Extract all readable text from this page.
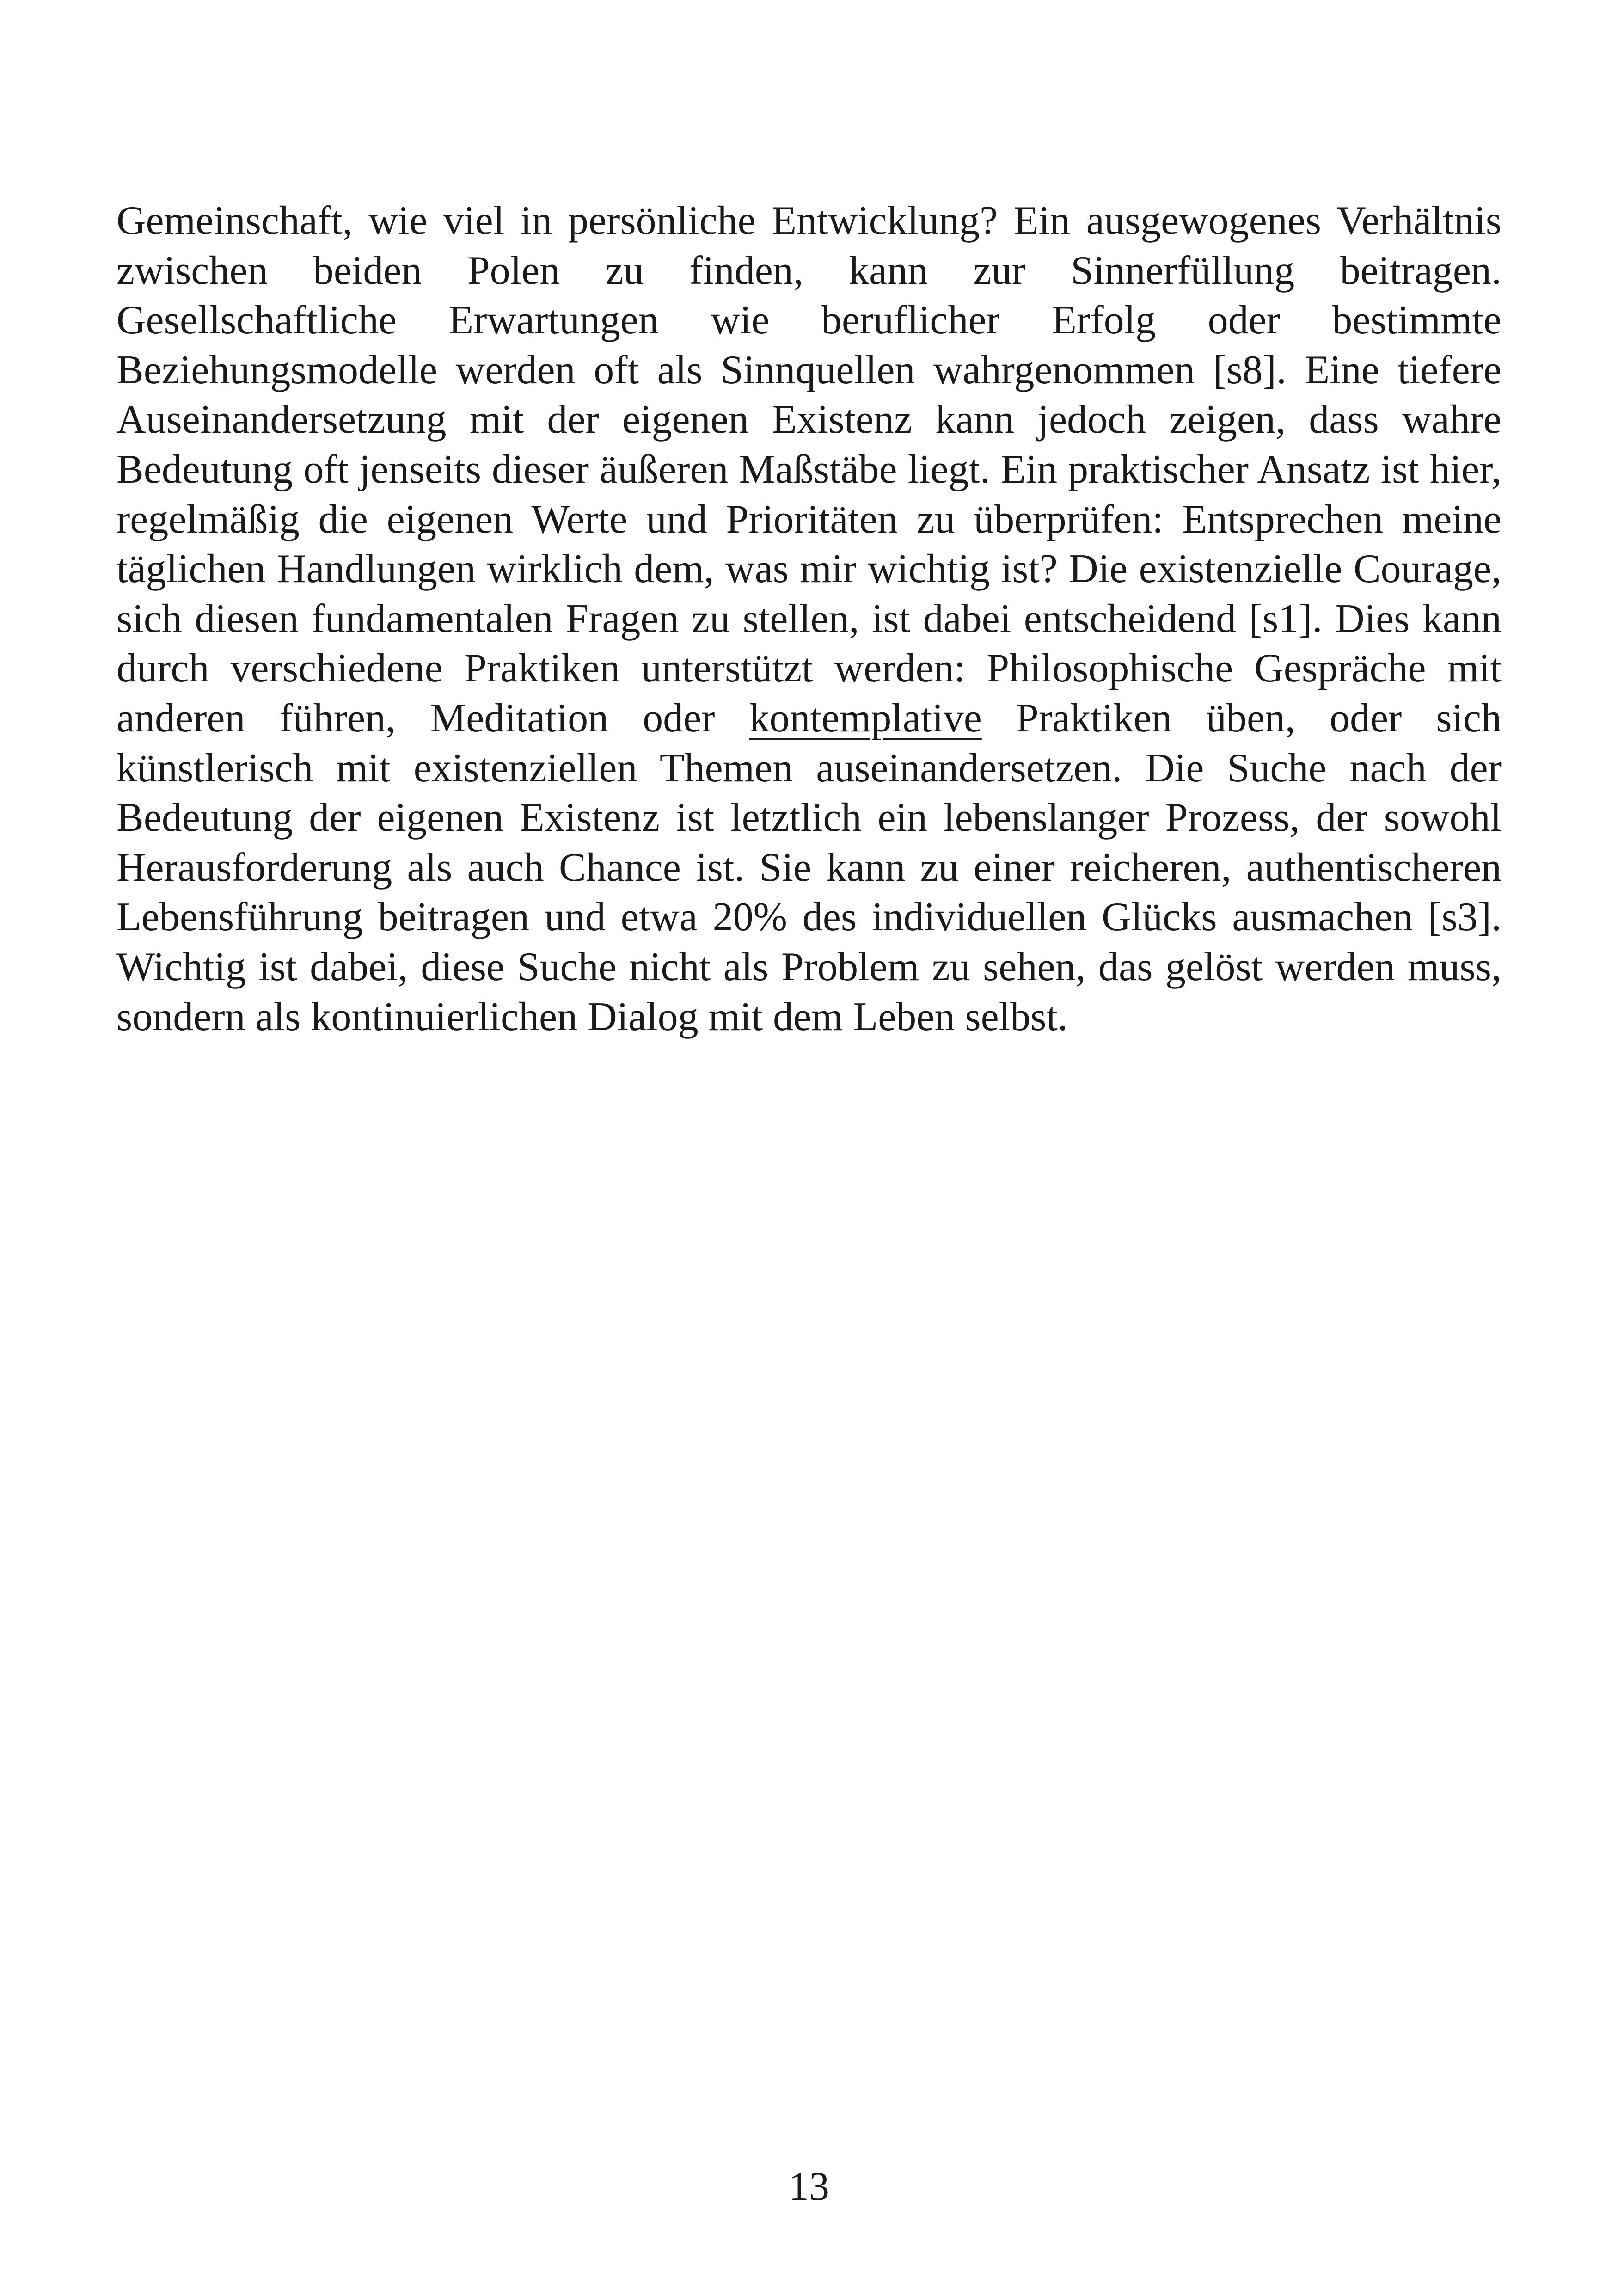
Gemeinschaft, wie viel in persönliche Entwicklung? Ein ausgewogenes Verhältnis zwischen beiden Polen zu finden, kann zur Sinnerfüllung beitragen. Gesellschaftliche Erwartungen wie beruflicher Erfolg oder bestimmte Beziehungsmodelle werden oft als Sinnquellen wahrgenommen [s8]. Eine tiefere Auseinandersetzung mit der eigenen Existenz kann jedoch zeigen, dass wahre Bedeutung oft jenseits dieser äußeren Maßstäbe liegt. Ein praktischer Ansatz ist hier, regelmäßig die eigenen Werte und Prioritäten zu überprüfen: Entsprechen meine täglichen Handlungen wirklich dem, was mir wichtig ist? Die existenzielle Courage, sich diesen fundamentalen Fragen zu stellen, ist dabei entscheidend [s1]. Dies kann durch verschiedene Praktiken unterstützt werden: Philosophische Gespräche mit anderen führen, Meditation oder kontemplative Praktiken üben, oder sich künstlerisch mit existenziellen Themen auseinandersetzen. Die Suche nach der Bedeutung der eigenen Existenz ist letztlich ein lebenslanger Prozess, der sowohl Herausforderung als auch Chance ist. Sie kann zu einer reicheren, authentischeren Lebensführung beitragen und etwa 20% des individuellen Glücks ausmachen [s3]. Wichtig ist dabei, diese Suche nicht als Problem zu sehen, das gelöst werden muss, sondern als kontinuierlichen Dialog mit dem Leben selbst.

13
